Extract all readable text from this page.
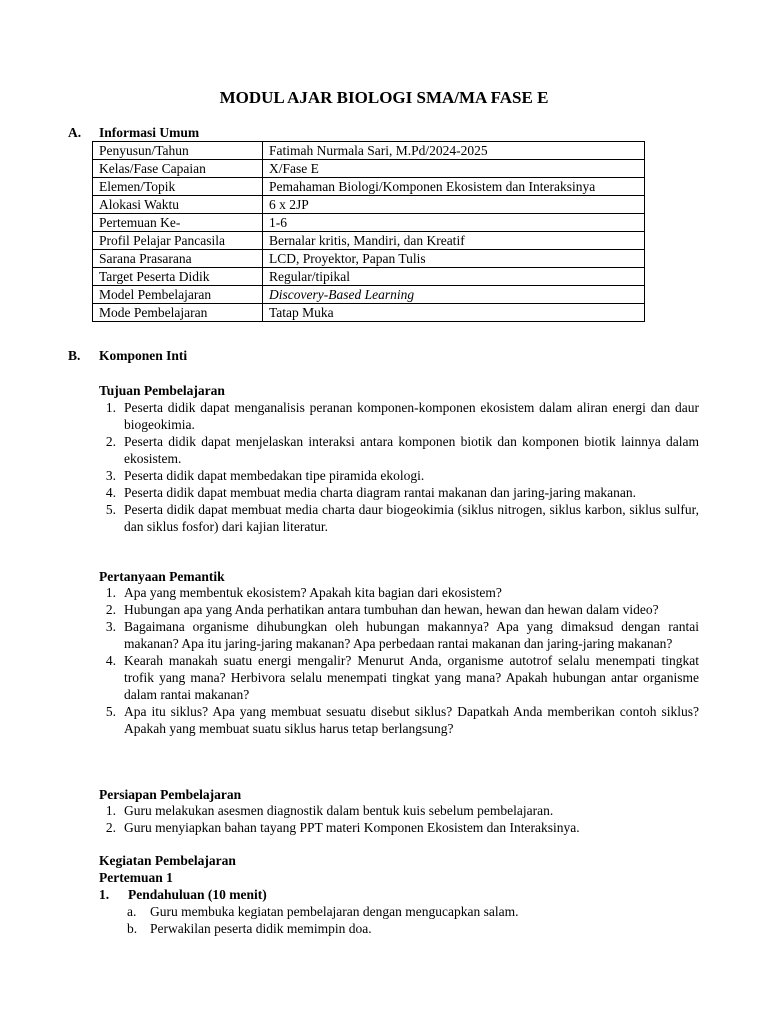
MODUL AJAR BIOLOGI SMA/MA FASE E
A. Informasi Umum
Penyusun/Tahun	Fatimah Nurmala Sari, M.Pd/2024-2025
Kelas/Fase Capaian	X/Fase E
Elemen/Topik	Pemahaman Biologi/Komponen Ekosistem dan Interaksinya
Alokasi Waktu	6 x 2JP
Pertemuan Ke-	1-6
Profil Pelajar Pancasila	Bernalar kritis, Mandiri, dan Kreatif
Sarana Prasarana	LCD, Proyektor, Papan Tulis
Target Peserta Didik	Regular/tipikal
Model Pembelajaran	Discovery-Based Learning
Mode Pembelajaran	Tatap Muka
B. Komponen Inti
Tujuan Pembelajaran
1. Peserta didik dapat menganalisis peranan komponen-komponen ekosistem dalam aliran energi dan daur biogeokimia.
2. Peserta didik dapat menjelaskan interaksi antara komponen biotik dan komponen biotik lainnya dalam ekosistem.
3. Peserta didik dapat membedakan tipe piramida ekologi.
4. Peserta didik dapat membuat media charta diagram rantai makanan dan jaring-jaring makanan.
5. Peserta didik dapat membuat media charta daur biogeokimia (siklus nitrogen, siklus karbon, siklus sulfur, dan siklus fosfor) dari kajian literatur.
Pertanyaan Pemantik
1. Apa yang membentuk ekosistem? Apakah kita bagian dari ekosistem?
2. Hubungan apa yang Anda perhatikan antara tumbuhan dan hewan, hewan dan hewan dalam video?
3. Bagaimana organisme dihubungkan oleh hubungan makannya? Apa yang dimaksud dengan rantai makanan? Apa itu jaring-jaring makanan? Apa perbedaan rantai makanan dan jaring-jaring makanan?
4. Kearah manakah suatu energi mengalir? Menurut Anda, organisme autotrof selalu menempati tingkat trofik yang mana? Herbivora selalu menempati tingkat yang mana? Apakah hubungan antar organisme dalam rantai makanan?
5. Apa itu siklus? Apa yang membuat sesuatu disebut siklus? Dapatkah Anda memberikan contoh siklus? Apakah yang membuat suatu siklus harus tetap berlangsung?
Persiapan Pembelajaran
1. Guru melakukan asesmen diagnostik dalam bentuk kuis sebelum pembelajaran.
2. Guru menyiapkan bahan tayang PPT materi Komponen Ekosistem dan Interaksinya.
Kegiatan Pembelajaran
Pertemuan 1
1. Pendahuluan (10 menit)
a. Guru membuka kegiatan pembelajaran dengan mengucapkan salam.
b. Perwakilan peserta didik memimpin doa.
